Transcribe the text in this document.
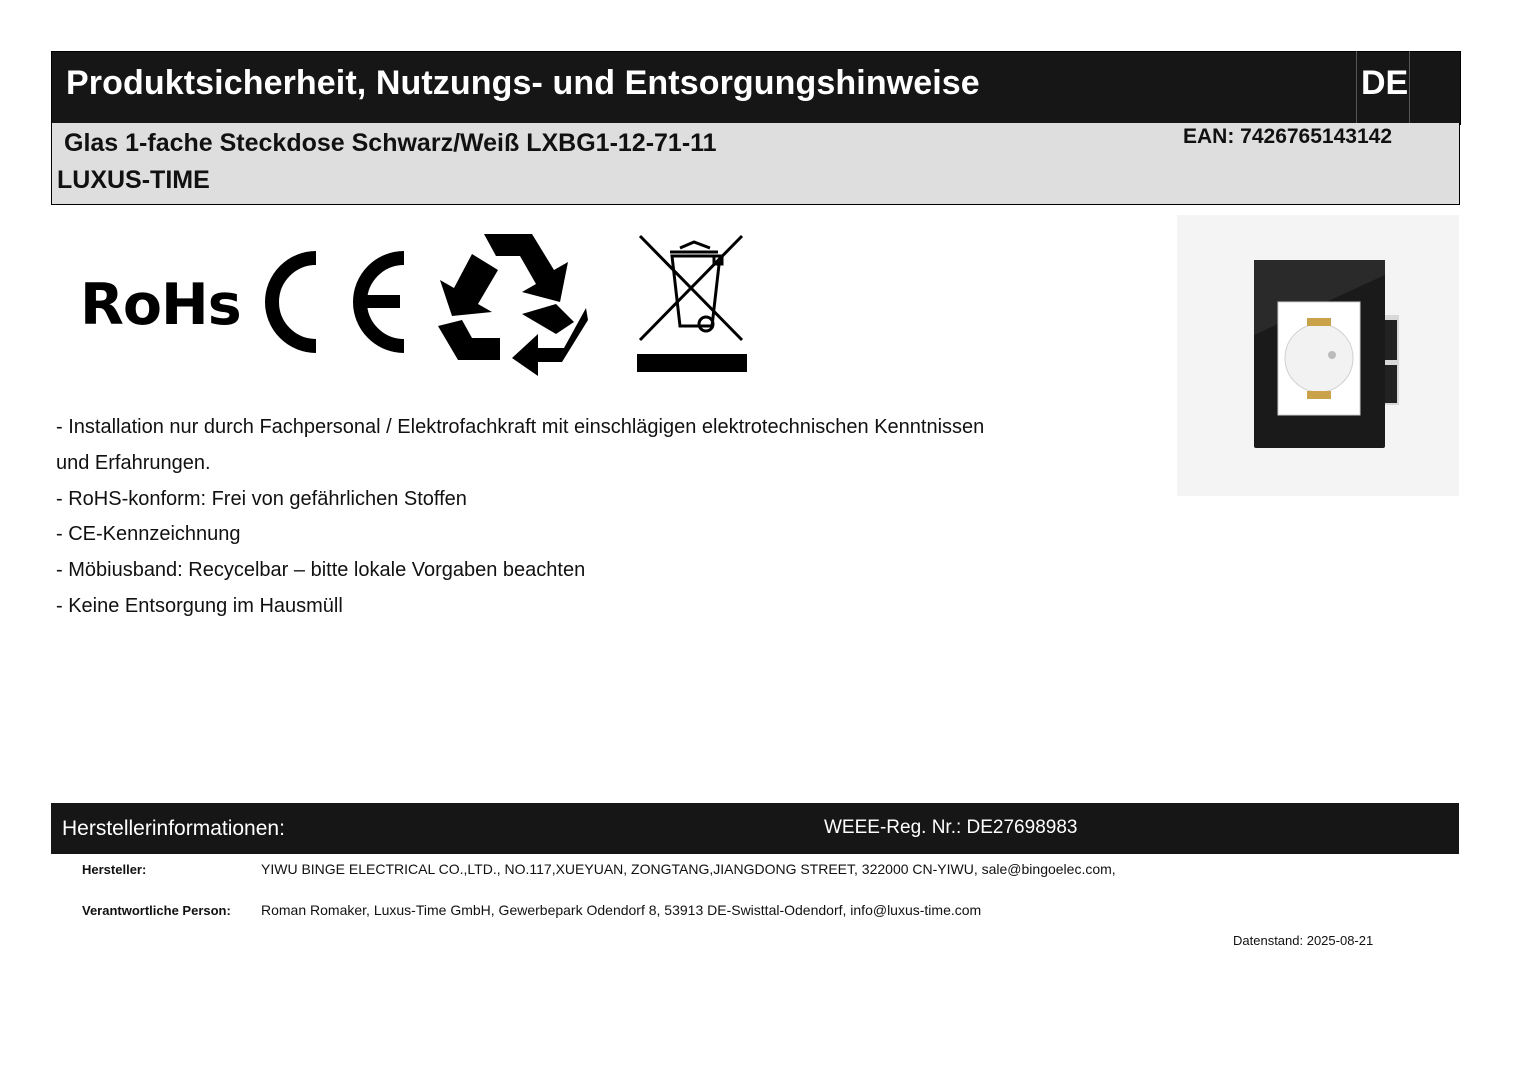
Produktsicherheit, Nutzungs- und Entsorgungshinweise	DE
Glas 1-fache Steckdose Schwarz/Weiß LXBG1-12-71-11
LUXUS-TIME
EAN: 7426765143142
RoHs
- Installation nur durch Fachpersonal / Elektrofachkraft mit einschlägigen elektrotechnischen Kenntnissen
und Erfahrungen.
- RoHS-konform: Frei von gefährlichen Stoffen
- CE-Kennzeichnung
- Möbiusband: Recycelbar – bitte lokale Vorgaben beachten
- Keine Entsorgung im Hausmüll
Herstellerinformationen:	WEEE-Reg. Nr.: DE27698983
Hersteller:	YIWU BINGE ELECTRICAL CO.,LTD., NO.117,XUEYUAN, ZONGTANG,JIANGDONG STREET, 322000 CN-YIWU, sale@bingoelec.com,
Verantwortliche Person: Roman Romaker, Luxus-Time GmbH, Gewerbepark Odendorf 8, 53913 DE-Swisttal-Odendorf, info@luxus-time.com
Datenstand: 2025-08-21
